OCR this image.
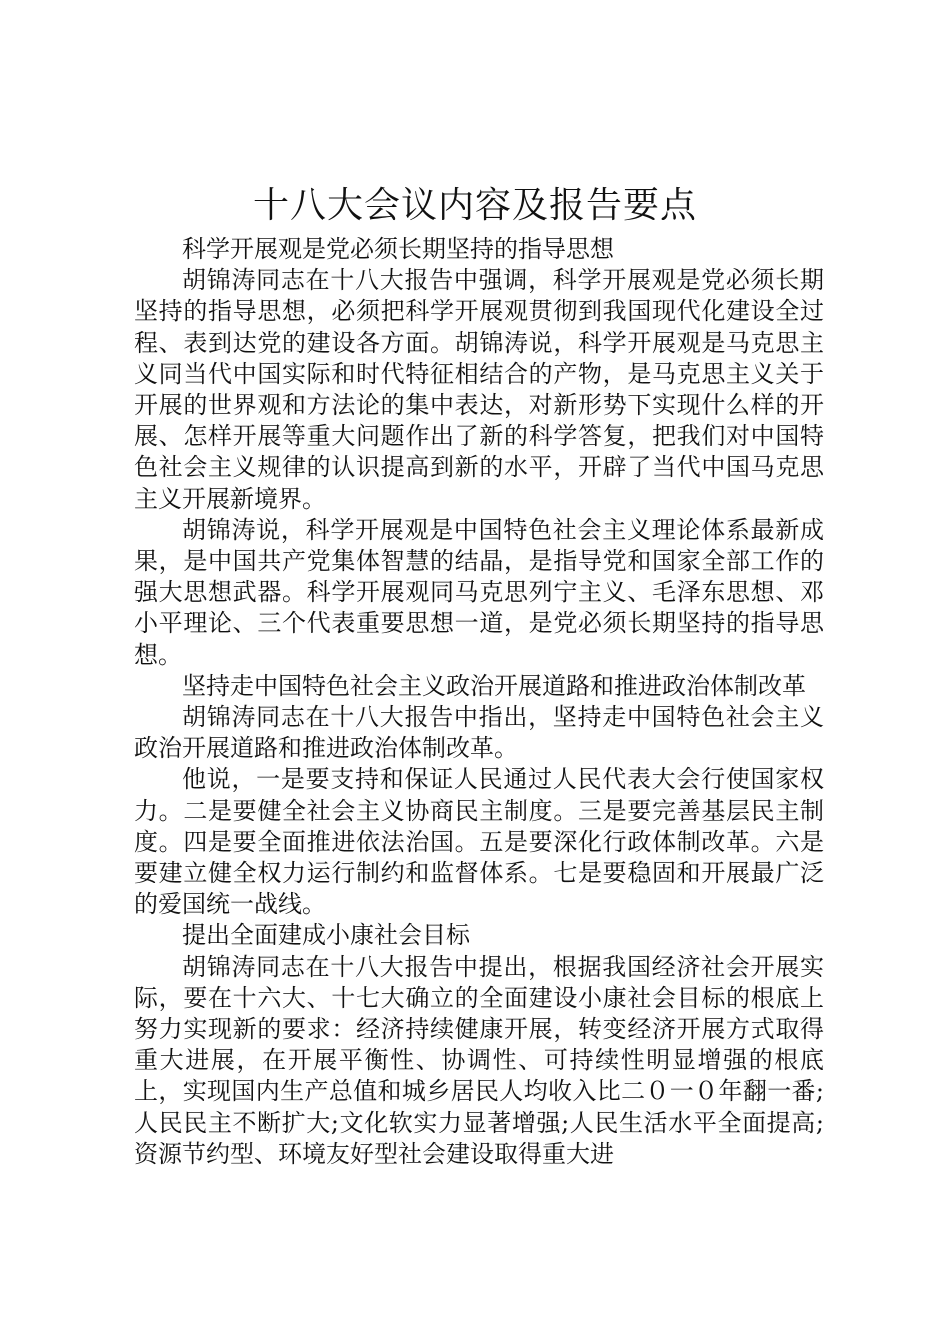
十八大会议内容及报告要点

科学开展观是党必须长期坚持的指导思想

胡锦涛同志在十八大报告中强调，科学开展观是党必须长期坚持的指导思想，必须把科学开展观贯彻到我国现代化建设全过程、表到达党的建设各方面。胡锦涛说，科学开展观是马克思主义同当代中国实际和时代特征相结合的产物，是马克思主义关于开展的世界观和方法论的集中表达，对新形势下实现什么样的开展、怎样开展等重大问题作出了新的科学答复，把我们对中国特色社会主义规律的认识提高到新的水平，开辟了当代中国马克思主义开展新境界。

胡锦涛说，科学开展观是中国特色社会主义理论体系最新成果，是中国共产党集体智慧的结晶，是指导党和国家全部工作的强大思想武器。科学开展观同马克思列宁主义、毛泽东思想、邓小平理论、三个代表重要思想一道，是党必须长期坚持的指导思想。

坚持走中国特色社会主义政治开展道路和推进政治体制改革

胡锦涛同志在十八大报告中指出，坚持走中国特色社会主义政治开展道路和推进政治体制改革。

他说，一是要支持和保证人民通过人民代表大会行使国家权力。二是要健全社会主义协商民主制度。三是要完善基层民主制度。四是要全面推进依法治国。五是要深化行政体制改革。六是要建立健全权力运行制约和监督体系。七是要稳固和开展最广泛的爱国统一战线。

提出全面建成小康社会目标

胡锦涛同志在十八大报告中提出，根据我国经济社会开展实际，要在十六大、十七大确立的全面建设小康社会目标的根底上努力实现新的要求：经济持续健康开展，转变经济开展方式取得重大进展，在开展平衡性、协调性、可持续性明显增强的根底上，实现国内生产总值和城乡居民人均收入比二０一０年翻一番;人民民主不断扩大;文化软实力显著增强;人民生活水平全面提高;资源节约型、环境友好型社会建设取得重大进
